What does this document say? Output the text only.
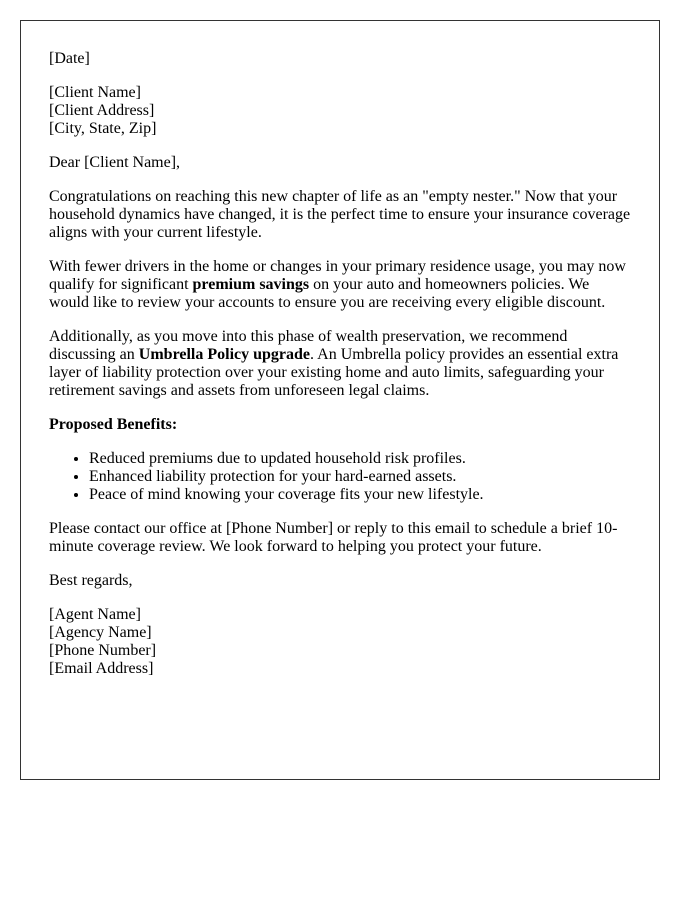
[Date]

[Client Name]
[Client Address]
[City, State, Zip]

Dear [Client Name],

Congratulations on reaching this new chapter of life as an "empty nester." Now that your household dynamics have changed, it is the perfect time to ensure your insurance coverage aligns with your current lifestyle.

With fewer drivers in the home or changes in your primary residence usage, you may now qualify for significant premium savings on your auto and homeowners policies. We would like to review your accounts to ensure you are receiving every eligible discount.

Additionally, as you move into this phase of wealth preservation, we recommend discussing an Umbrella Policy upgrade. An Umbrella policy provides an essential extra layer of liability protection over your existing home and auto limits, safeguarding your retirement savings and assets from unforeseen legal claims.

Proposed Benefits:

• Reduced premiums due to updated household risk profiles.
• Enhanced liability protection for your hard-earned assets.
• Peace of mind knowing your coverage fits your new lifestyle.

Please contact our office at [Phone Number] or reply to this email to schedule a brief 10-minute coverage review. We look forward to helping you protect your future.

Best regards,

[Agent Name]
[Agency Name]
[Phone Number]
[Email Address]
